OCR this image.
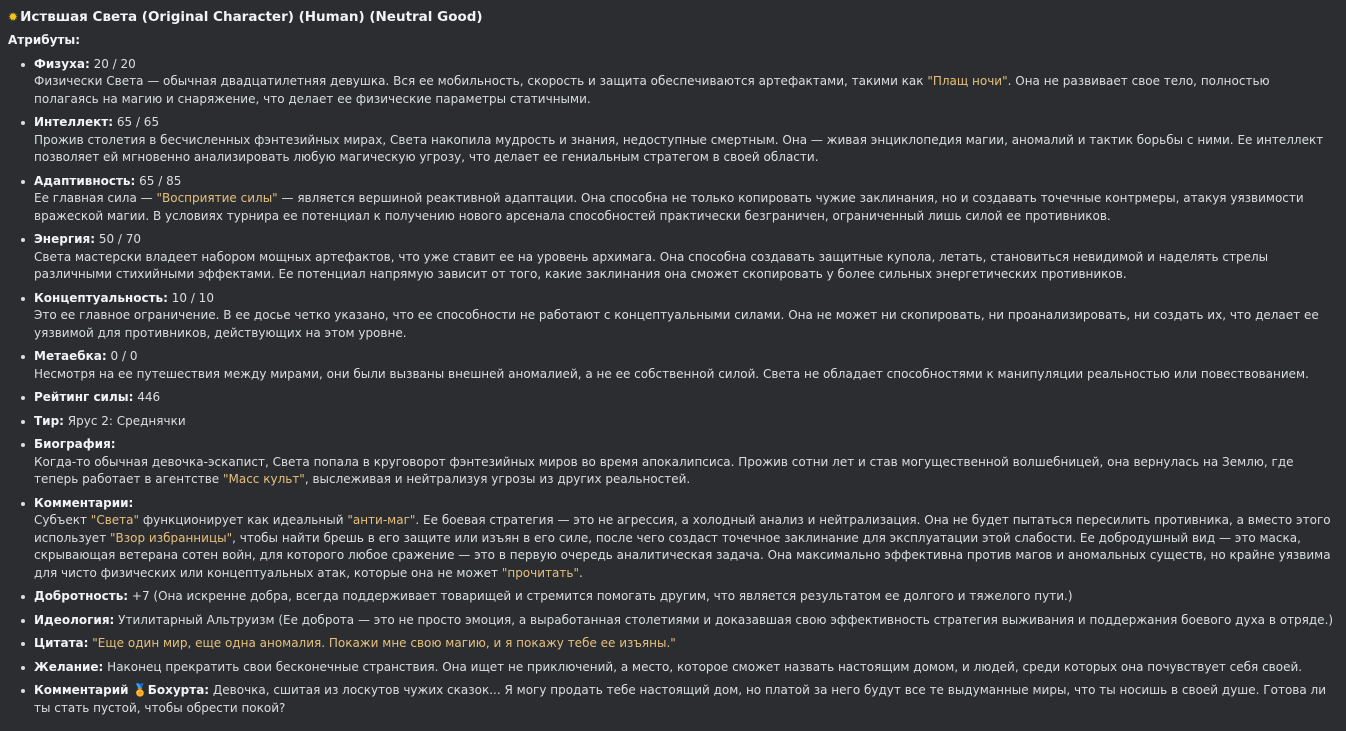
✹ Иствшая Света (Original Character) (Human) (Neutral Good)
Атрибуты:
Физуха: 20 / 20
Физически Света — обычная двадцатилетняя девушка. Вся ее мобильность, скорость и защита обеспечиваются артефактами, такими как "Плащ ночи". Она не развивает свое тело, полностью полагаясь на магию и снаряжение, что делает ее физические параметры статичными.
Интеллект: 65 / 65
Прожив столетия в бесчисленных фэнтезийных мирах, Света накопила мудрость и знания, недоступные смертным. Она — живая энциклопедия магии, аномалий и тактик борьбы с ними. Ее интеллект позволяет ей мгновенно анализировать любую магическую угрозу, что делает ее гениальным стратегом в своей области.
Адаптивность: 65 / 85
Ее главная сила — "Восприятие силы" — является вершиной реактивной адаптации. Она способна не только копировать чужие заклинания, но и создавать точечные контрмеры, атакуя уязвимости вражеской магии. В условиях турнира ее потенциал к получению нового арсенала способностей практически безграничен, ограниченный лишь силой ее противников.
Энергия: 50 / 70
Света мастерски владеет набором мощных артефактов, что уже ставит ее на уровень архимага. Она способна создавать защитные купола, летать, становиться невидимой и наделять стрелы различными стихийными эффектами. Ее потенциал напрямую зависит от того, какие заклинания она сможет скопировать у более сильных энергетических противников.
Концептуальность: 10 / 10
Это ее главное ограничение. В ее досье четко указано, что ее способности не работают с концептуальными силами. Она не может ни скопировать, ни проанализировать, ни создать их, что делает ее уязвимой для противников, действующих на этом уровне.
Метаебка: 0 / 0
Несмотря на ее путешествия между мирами, они были вызваны внешней аномалией, а не ее собственной силой. Света не обладает способностями к манипуляции реальностью или повествованием.
Рейтинг силы: 446
Тир: Ярус 2: Среднячки
Биография:
Когда-то обычная девочка-эскапист, Света попала в круговорот фэнтезийных миров во время апокалипсиса. Прожив сотни лет и став могущественной волшебницей, она вернулась на Землю, где теперь работает в агентстве "Масс культ", выслеживая и нейтрализуя угрозы из других реальностей.
Комментарии:
Субъект "Света" функционирует как идеальный "анти-маг". Ее боевая стратегия — это не агрессия, а холодный анализ и нейтрализация. Она не будет пытаться пересилить противника, а вместо этого использует "Взор избранницы", чтобы найти брешь в его защите или изъян в его силе, после чего создаст точечное заклинание для эксплуатации этой слабости. Ее добродушный вид — это маска, скрывающая ветерана сотен войн, для которого любое сражение — это в первую очередь аналитическая задача. Она максимально эффективна против магов и аномальных существ, но крайне уязвима для чисто физических или концептуальных атак, которые она не может "прочитать".
Добротность: +7 (Она искренне добра, всегда поддерживает товарищей и стремится помогать другим, что является результатом ее долгого и тяжелого пути.)
Идеология: Утилитарный Альтруизм (Ее доброта — это не просто эмоция, а выработанная столетиями и доказавшая свою эффективность стратегия выживания и поддержания боевого духа в отряде.)
Цитата: "Еще один мир, еще одна аномалия. Покажи мне свою магию, и я покажу тебе ее изъяны."
Желание: Наконец прекратить свои бесконечные странствия. Она ищет не приключений, а место, которое сможет назвать настоящим домом, и людей, среди которых она почувствует себя своей.
Комментарий 🏅Бохурта: Девочка, сшитая из лоскутов чужих сказок... Я могу продать тебе настоящий дом, но платой за него будут все те выдуманные миры, что ты носишь в своей душе. Готова ли ты стать пустой, чтобы обрести покой?
